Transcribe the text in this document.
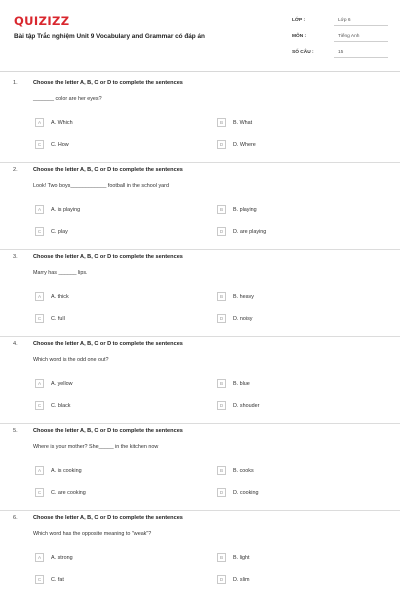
QUIZIZZ
Bài tập Trắc nghiệm Unit 9 Vocabulary and Grammar có đáp án
LỚP :	Lớp 6
MÔN :	Tiếng Anh
SỐ CÂU :	15
1.	Choose the letter A, B, C or D to complete the sentences
_______ color are her eyes?
A	A. Which	B	B. What
C	C. How	D	D. Where
2.	Choose the letter A, B, C or D to complete the sentences
Look! Two boys____________ football in the school yard
A	A. is playing	B	B. playing
C	C. play	D	D. are playing
3.	Choose the letter A, B, C or D to complete the sentences
Marry has ______ lips.
A	A. thick	B	B. heavy
C	C. full	D	D. noisy
4.	Choose the letter A, B, C or D to complete the sentences
Which word is the odd one out?
A	A. yellow	B	B. blue
C	C. black	D	D. shouder
5.	Choose the letter A, B, C or D to complete the sentences
Where is your mother? She_____ in the kitchen now
A	A. is cooking	B	B. cooks
C	C. are cooking	D	D. cooking
6.	Choose the letter A, B, C or D to complete the sentences
Which word has the opposite meaning to "weak"?
A	A. strong	B	B. light
C	C. fat	D	D. slim
